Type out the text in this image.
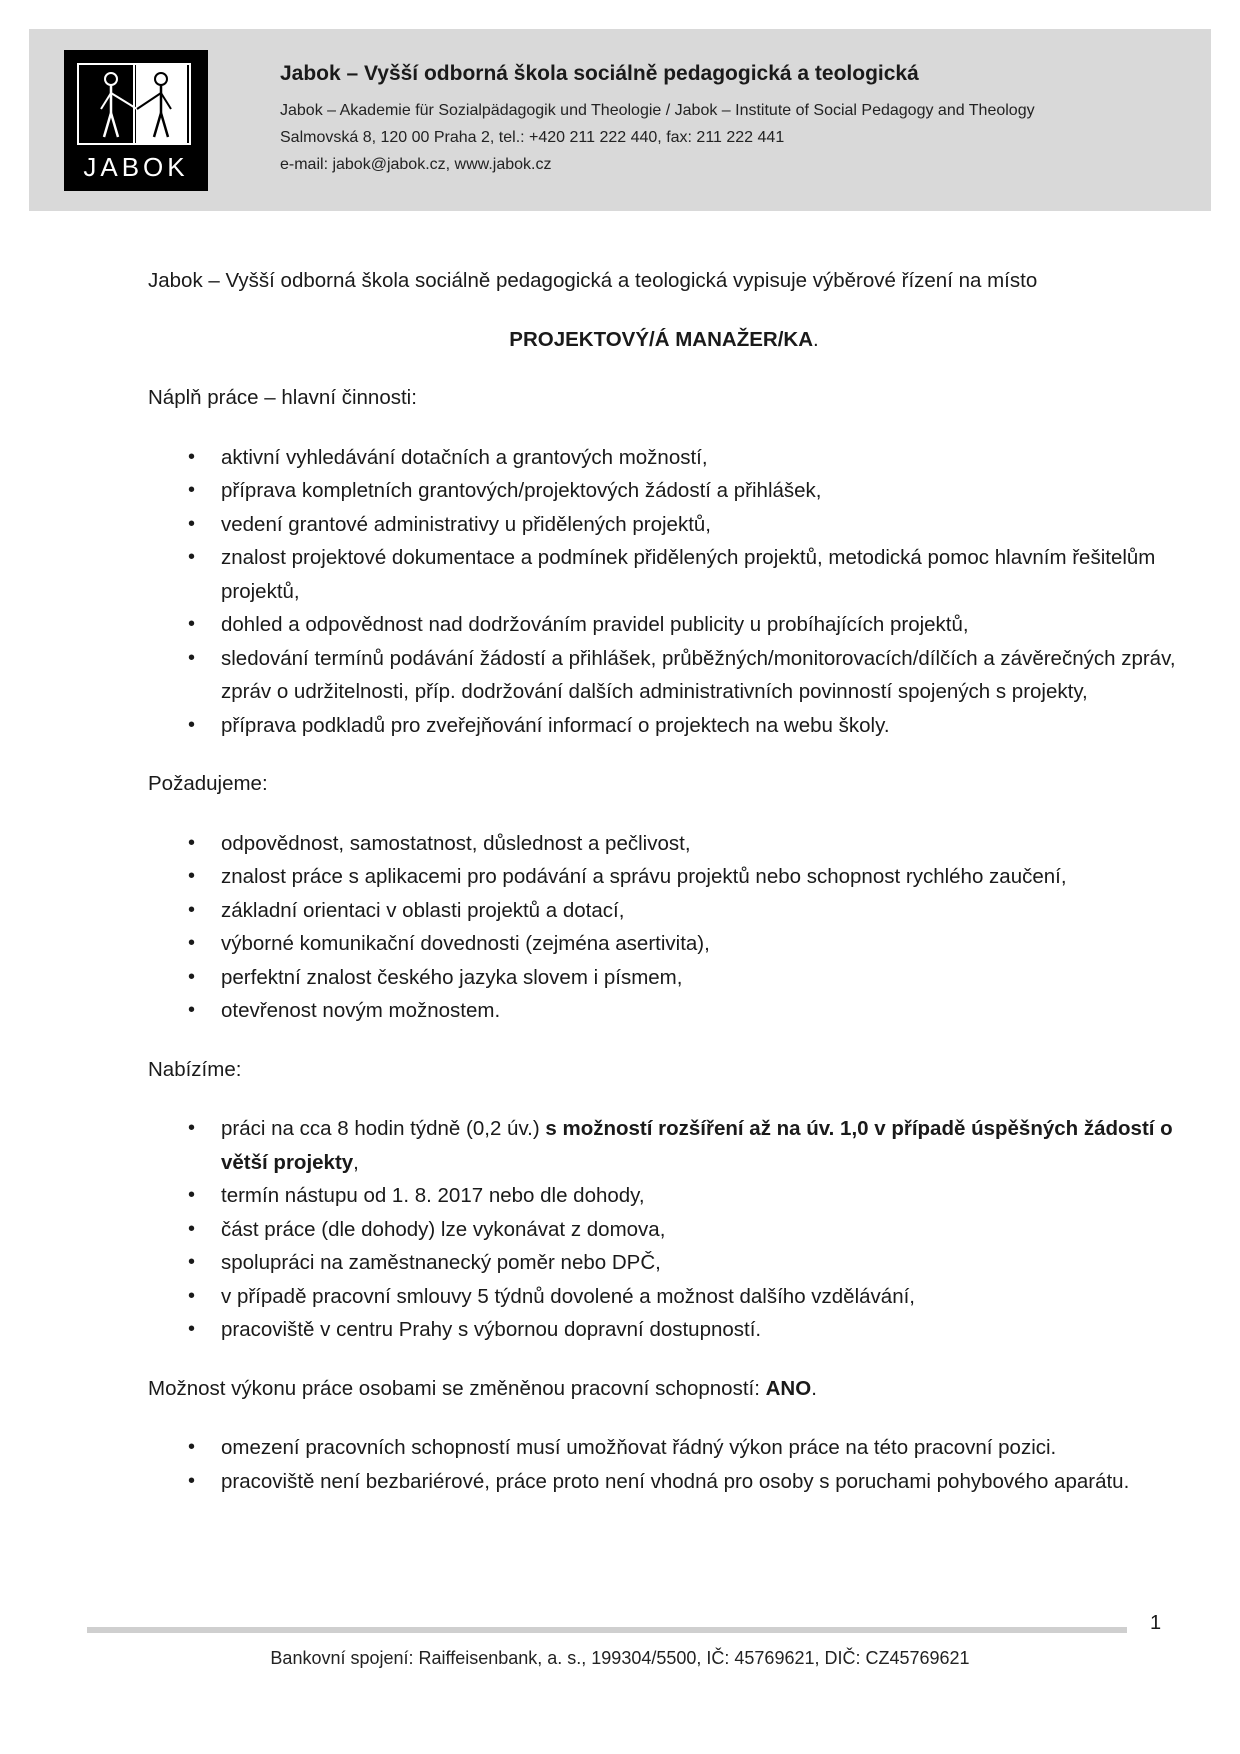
JABOK
Jabok – Vyšší odborná škola sociálně pedagogická a teologická
Jabok – Akademie für Sozialpädagogik und Theologie / Jabok – Institute of Social Pedagogy and Theology
Salmovská 8, 120 00 Praha 2, tel.: +420 211 222 440, fax: 211 222 441
e-mail: jabok@jabok.cz, www.jabok.cz

Jabok – Vyšší odborná škola sociálně pedagogická a teologická vypisuje výběrové řízení na místo

PROJEKTOVÝ/Á MANAŽER/KA.

Náplň práce – hlavní činnosti:

• aktivní vyhledávání dotačních a grantových možností,
• příprava kompletních grantových/projektových žádostí a přihlášek,
• vedení grantové administrativy u přidělených projektů,
• znalost projektové dokumentace a podmínek přidělených projektů, metodická pomoc hlavním řešitelům projektů,
• dohled a odpovědnost nad dodržováním pravidel publicity u probíhajících projektů,
• sledování termínů podávání žádostí a přihlášek, průběžných/monitorovacích/dílčích a závěrečných zpráv, zpráv o udržitelnosti, příp. dodržování dalších administrativních povinností spojených s projekty,
• příprava podkladů pro zveřejňování informací o projektech na webu školy.

Požadujeme:

• odpovědnost, samostatnost, důslednost a pečlivost,
• znalost práce s aplikacemi pro podávání a správu projektů nebo schopnost rychlého zaučení,
• základní orientaci v oblasti projektů a dotací,
• výborné komunikační dovednosti (zejména asertivita),
• perfektní znalost českého jazyka slovem i písmem,
• otevřenost novým možnostem.

Nabízíme:

• práci na cca 8 hodin týdně (0,2 úv.) s možností rozšíření až na úv. 1,0 v případě úspěšných žádostí o větší projekty,
• termín nástupu od 1. 8. 2017 nebo dle dohody,
• část práce (dle dohody) lze vykonávat z domova,
• spolupráci na zaměstnanecký poměr nebo DPČ,
• v případě pracovní smlouvy 5 týdnů dovolené a možnost dalšího vzdělávání,
• pracoviště v centru Prahy s výbornou dopravní dostupností.

Možnost výkonu práce osobami se změněnou pracovní schopností: ANO.

• omezení pracovních schopností musí umožňovat řádný výkon práce na této pracovní pozici.
• pracoviště není bezbariérové, práce proto není vhodná pro osoby s poruchami pohybového aparátu.
1
Bankovní spojení: Raiffeisenbank, a. s., 199304/5500, IČ: 45769621, DIČ: CZ45769621
